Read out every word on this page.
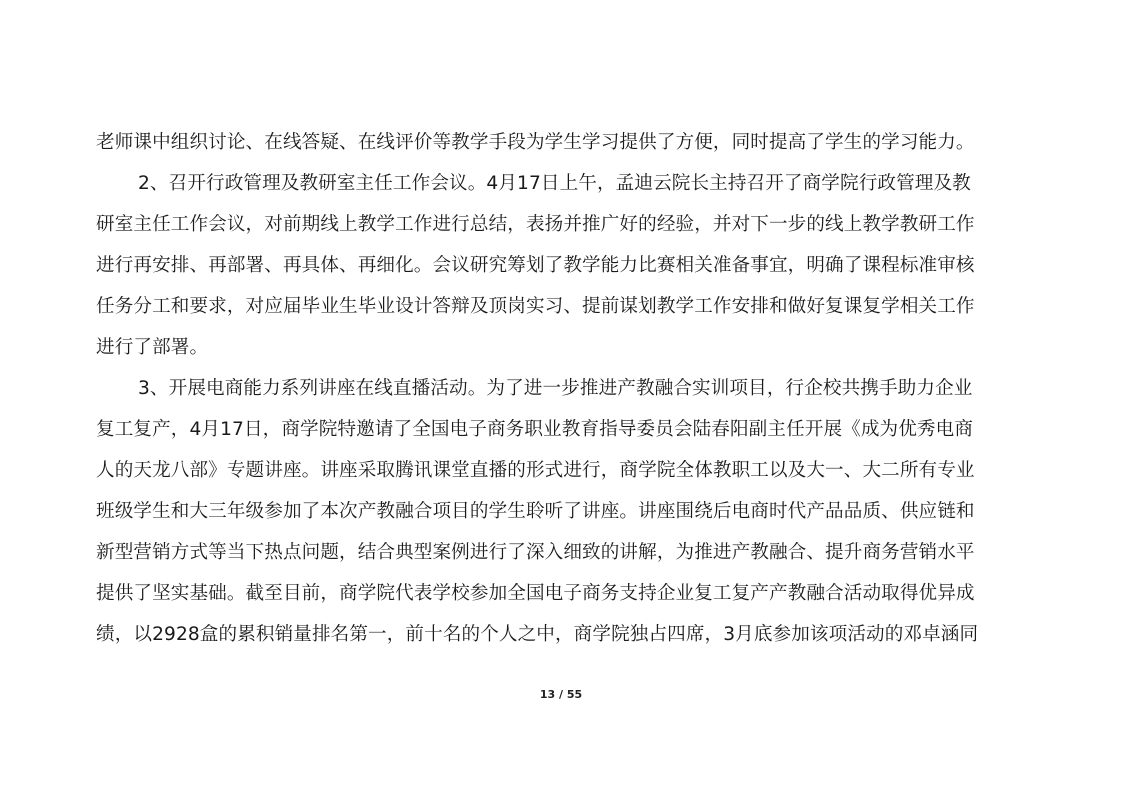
老师课中组织讨论、在线答疑、在线评价等教学手段为学生学习提供了方便，同时提高了学生的学习能力。
2、召开行政管理及教研室主任工作会议。4月17日上午，孟迪云院长主持召开了商学院行政管理及教
研室主任工作会议，对前期线上教学工作进行总结，表扬并推广好的经验，并对下一步的线上教学教研工作
进行再安排、再部署、再具体、再细化。会议研究筹划了教学能力比赛相关准备事宜，明确了课程标准审核
任务分工和要求，对应届毕业生毕业设计答辩及顶岗实习、提前谋划教学工作安排和做好复课复学相关工作
进行了部署。
3、开展电商能力系列讲座在线直播活动。为了进一步推进产教融合实训项目，行企校共携手助力企业
复工复产，4月17日，商学院特邀请了全国电子商务职业教育指导委员会陆春阳副主任开展《成为优秀电商
人的天龙八部》专题讲座。讲座采取腾讯课堂直播的形式进行，商学院全体教职工以及大一、大二所有专业
班级学生和大三年级参加了本次产教融合项目的学生聆听了讲座。讲座围绕后电商时代产品品质、供应链和
新型营销方式等当下热点问题，结合典型案例进行了深入细致的讲解，为推进产教融合、提升商务营销水平
提供了坚实基础。截至目前，商学院代表学校参加全国电子商务支持企业复工复产产教融合活动取得优异成
绩，以2928盒的累积销量排名第一，前十名的个人之中，商学院独占四席，3月底参加该项活动的邓卓涵同
13 / 55
